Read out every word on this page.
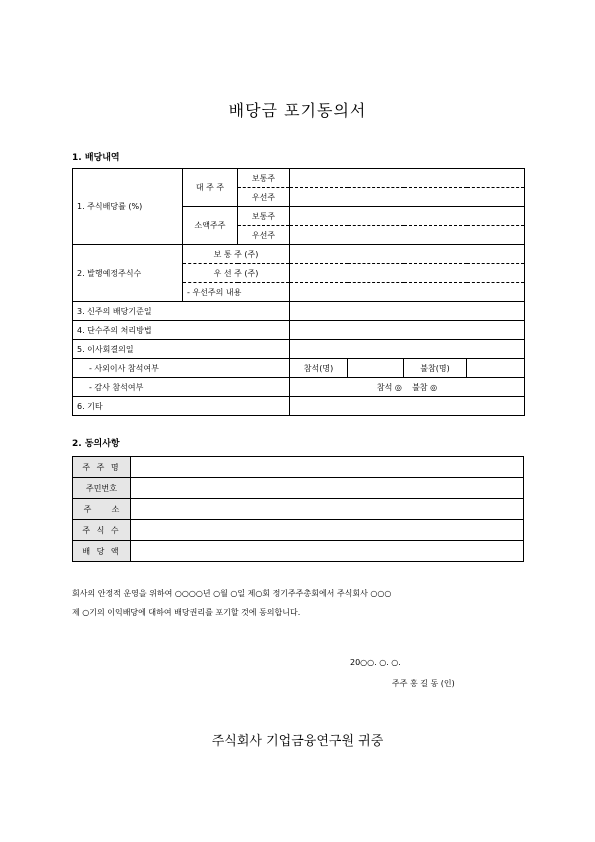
배당금 포기동의서
1. 배당내역
1. 주식배당률 (%)	대 주 주	보통주				
		우선주				
	소액주주	보통주				
		우선주				
2. 발행예정주식수	보 통 주 (주)					
	우 선 주 (주)					
	- 우선주의 내용					
3. 신주의 배당기준일						
4. 단수주의 처리방법						
5. 이사회결의일						
- 사외이사 참석여부			참석(명)		불참(명)	
- 감사 참석여부			참석 ◎    불참 ◎			
6. 기타						
2. 동의사항
주 주 명	
주민번호	
주        소	
주 식 수	
배 당 액	
회사의 안정적 운영을 위하여 ○○○○년 ○월 ○일 제○회 정기주주총회에서 주식회사 ○○○
제 ○기의 이익배당에 대하여 배당권리를 포기할 것에 동의합니다.
20○○. ○. ○.
주주 홍 길 동 (인)
주식회사 기업금융연구원 귀중
